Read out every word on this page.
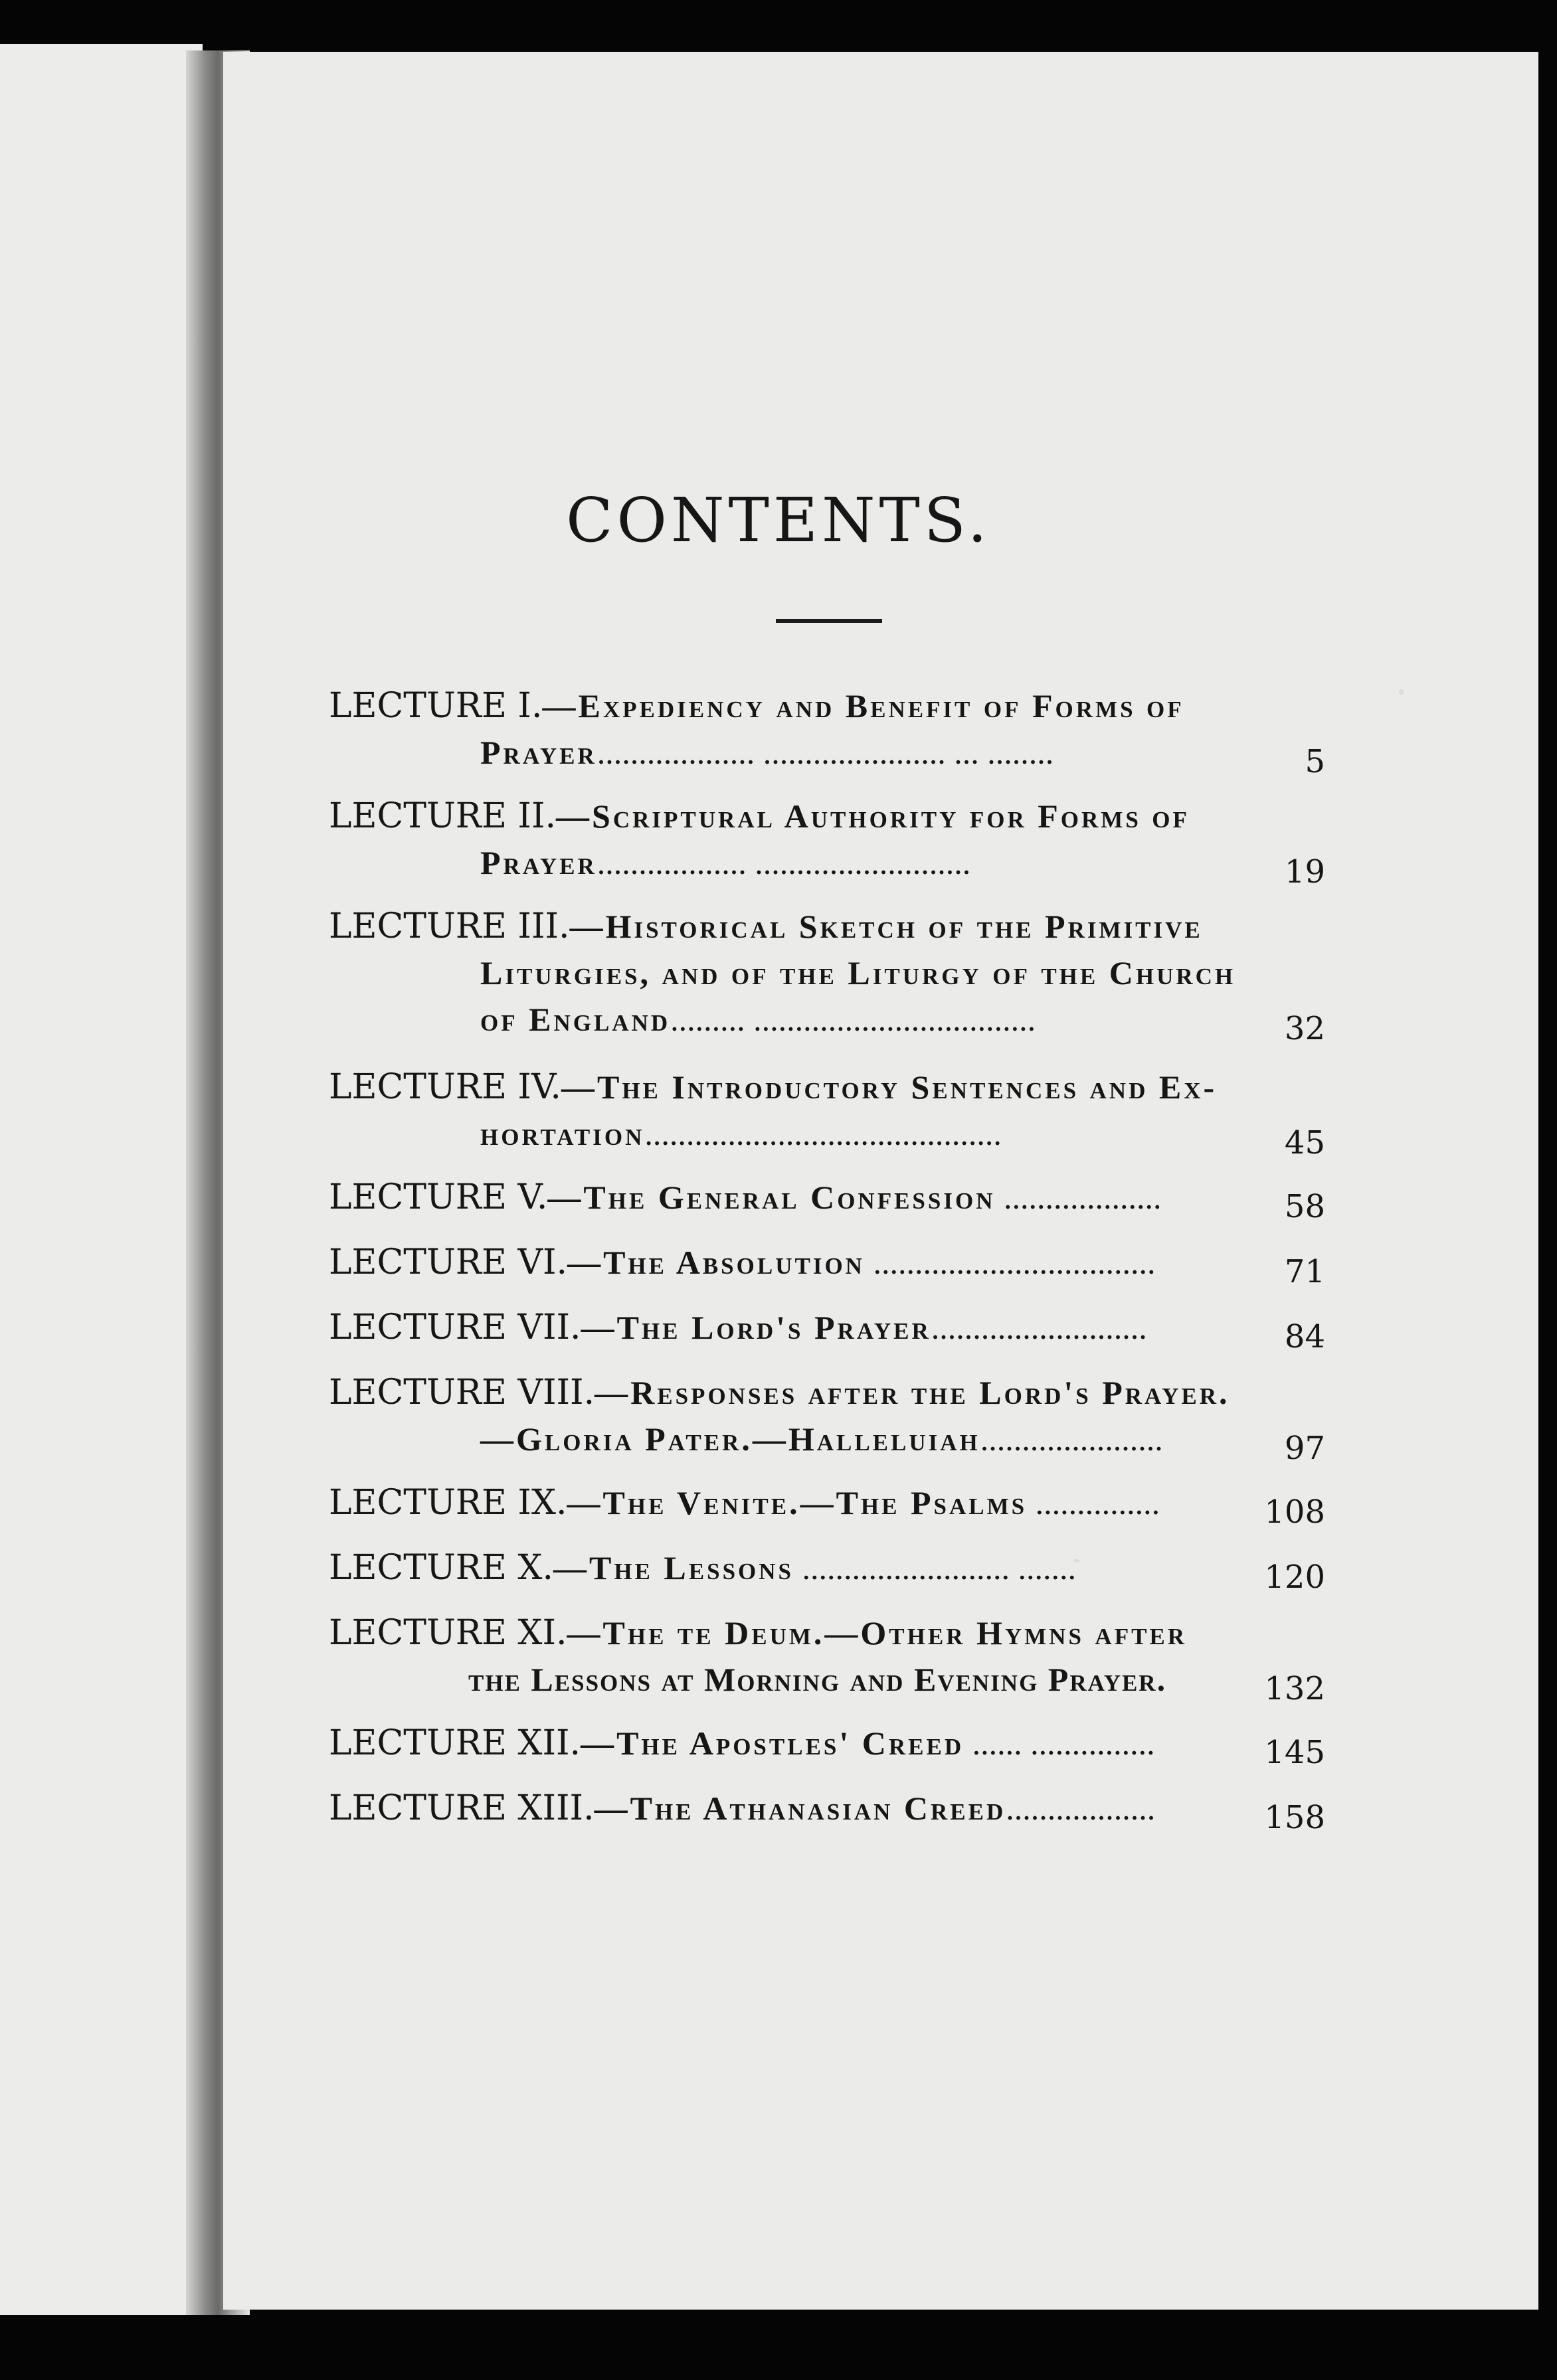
CONTENTS.
LECTURE I.—Expediency and Benefit of Forms of
Prayer................... ...................... ... ........	5
LECTURE II.—Scriptural Authority for Forms of
Prayer.................. ..........................	19
LECTURE III.—Historical Sketch of the Primitive
Liturgies, and of the Liturgy of the Church
of England......... ..................................	32
LECTURE IV.—The Introductory Sentences and Ex-
hortation...........................................	45
LECTURE V.—The General Confession ...................	58
LECTURE VI.—The Absolution ..................................	71
LECTURE VII.—The Lord's Prayer..........................	84
LECTURE VIII.—Responses after the Lord's Prayer.
—Gloria Pater.—Halleluiah......................	97
LECTURE IX.—The Venite.—The Psalms ...............	108
LECTURE X.—The Lessons ......................... .......	120
LECTURE XI.—The te Deum.—Other Hymns after
the Lessons at Morning and Evening Prayer.	132
LECTURE XII.—The Apostles' Creed ...... ...............	145
LECTURE XIII.—The Athanasian Creed..................	158
